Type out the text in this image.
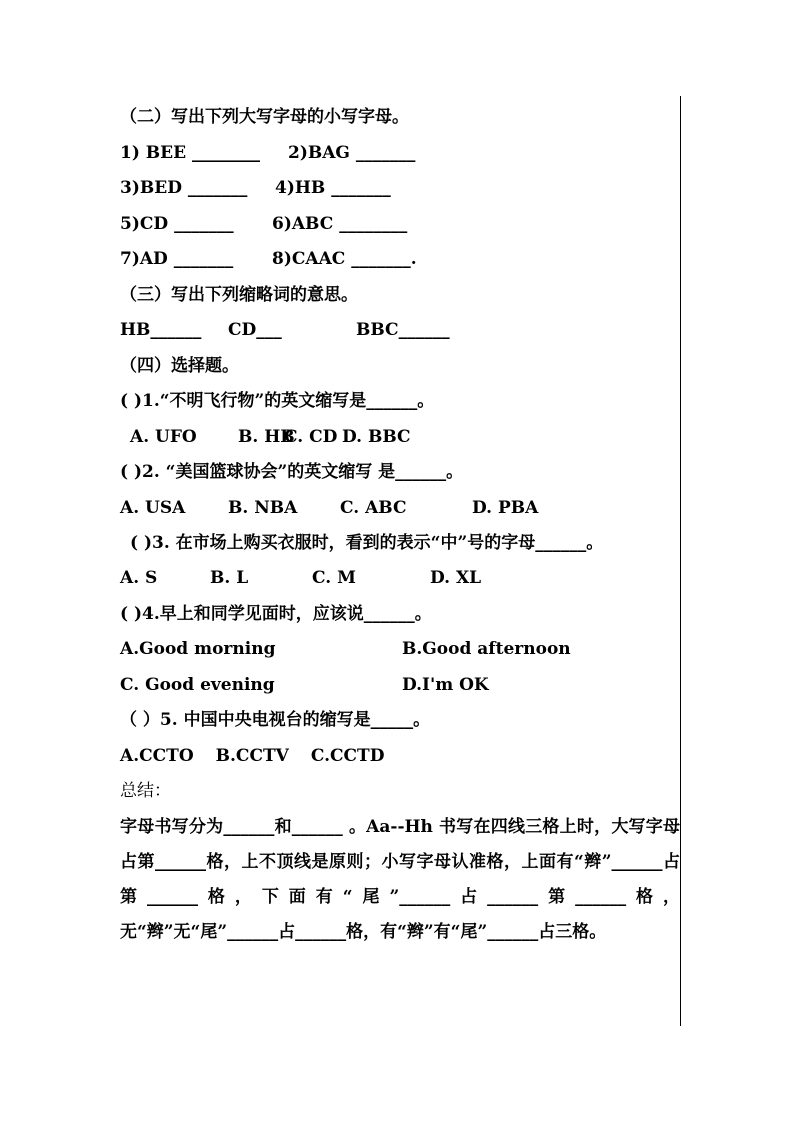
（二）写出下列大写字母的小写字母。
1) BEE ________ 2)BAG _______
3)BED _______ 4)HB _______
5)CD _______ 6)ABC ________
7)AD _______ 8)CAAC _______.
（三）写出下列缩略词的意思。
HB______ CD___	BBC______
（四）选择题。
( )1.“不明飞行物”的英文缩写是______。
A. UFO B. HBC. CD D. BBC
( )2. “美国篮球协会”的英文缩写 是______。
A. USA	B. NBA	C. ABC	D. PBA
( )3. 在市场上购买衣服时，看到的表示“中”号的字母______。
A. S	B. L	C. M	D. XL
( )4.早上和同学见面时，应该说______。
A.Good morning	B.Good afternoon
C. Good evening	D.I'm OK
（ ）5. 中国中央电视台的缩写是_____。
A.CCTO B.CCTV C.CCTD
总结：
字母书写分为______和______ 。Aa--Hh 书写在四线三格上时，大写字母占第______格，上不顶线是原则；小写字母认准格，上面有“辫”______占第______格，下面有“尾”______占______第______格，无“辫”无“尾”______占______格，有“辫”有“尾”______占三格。
